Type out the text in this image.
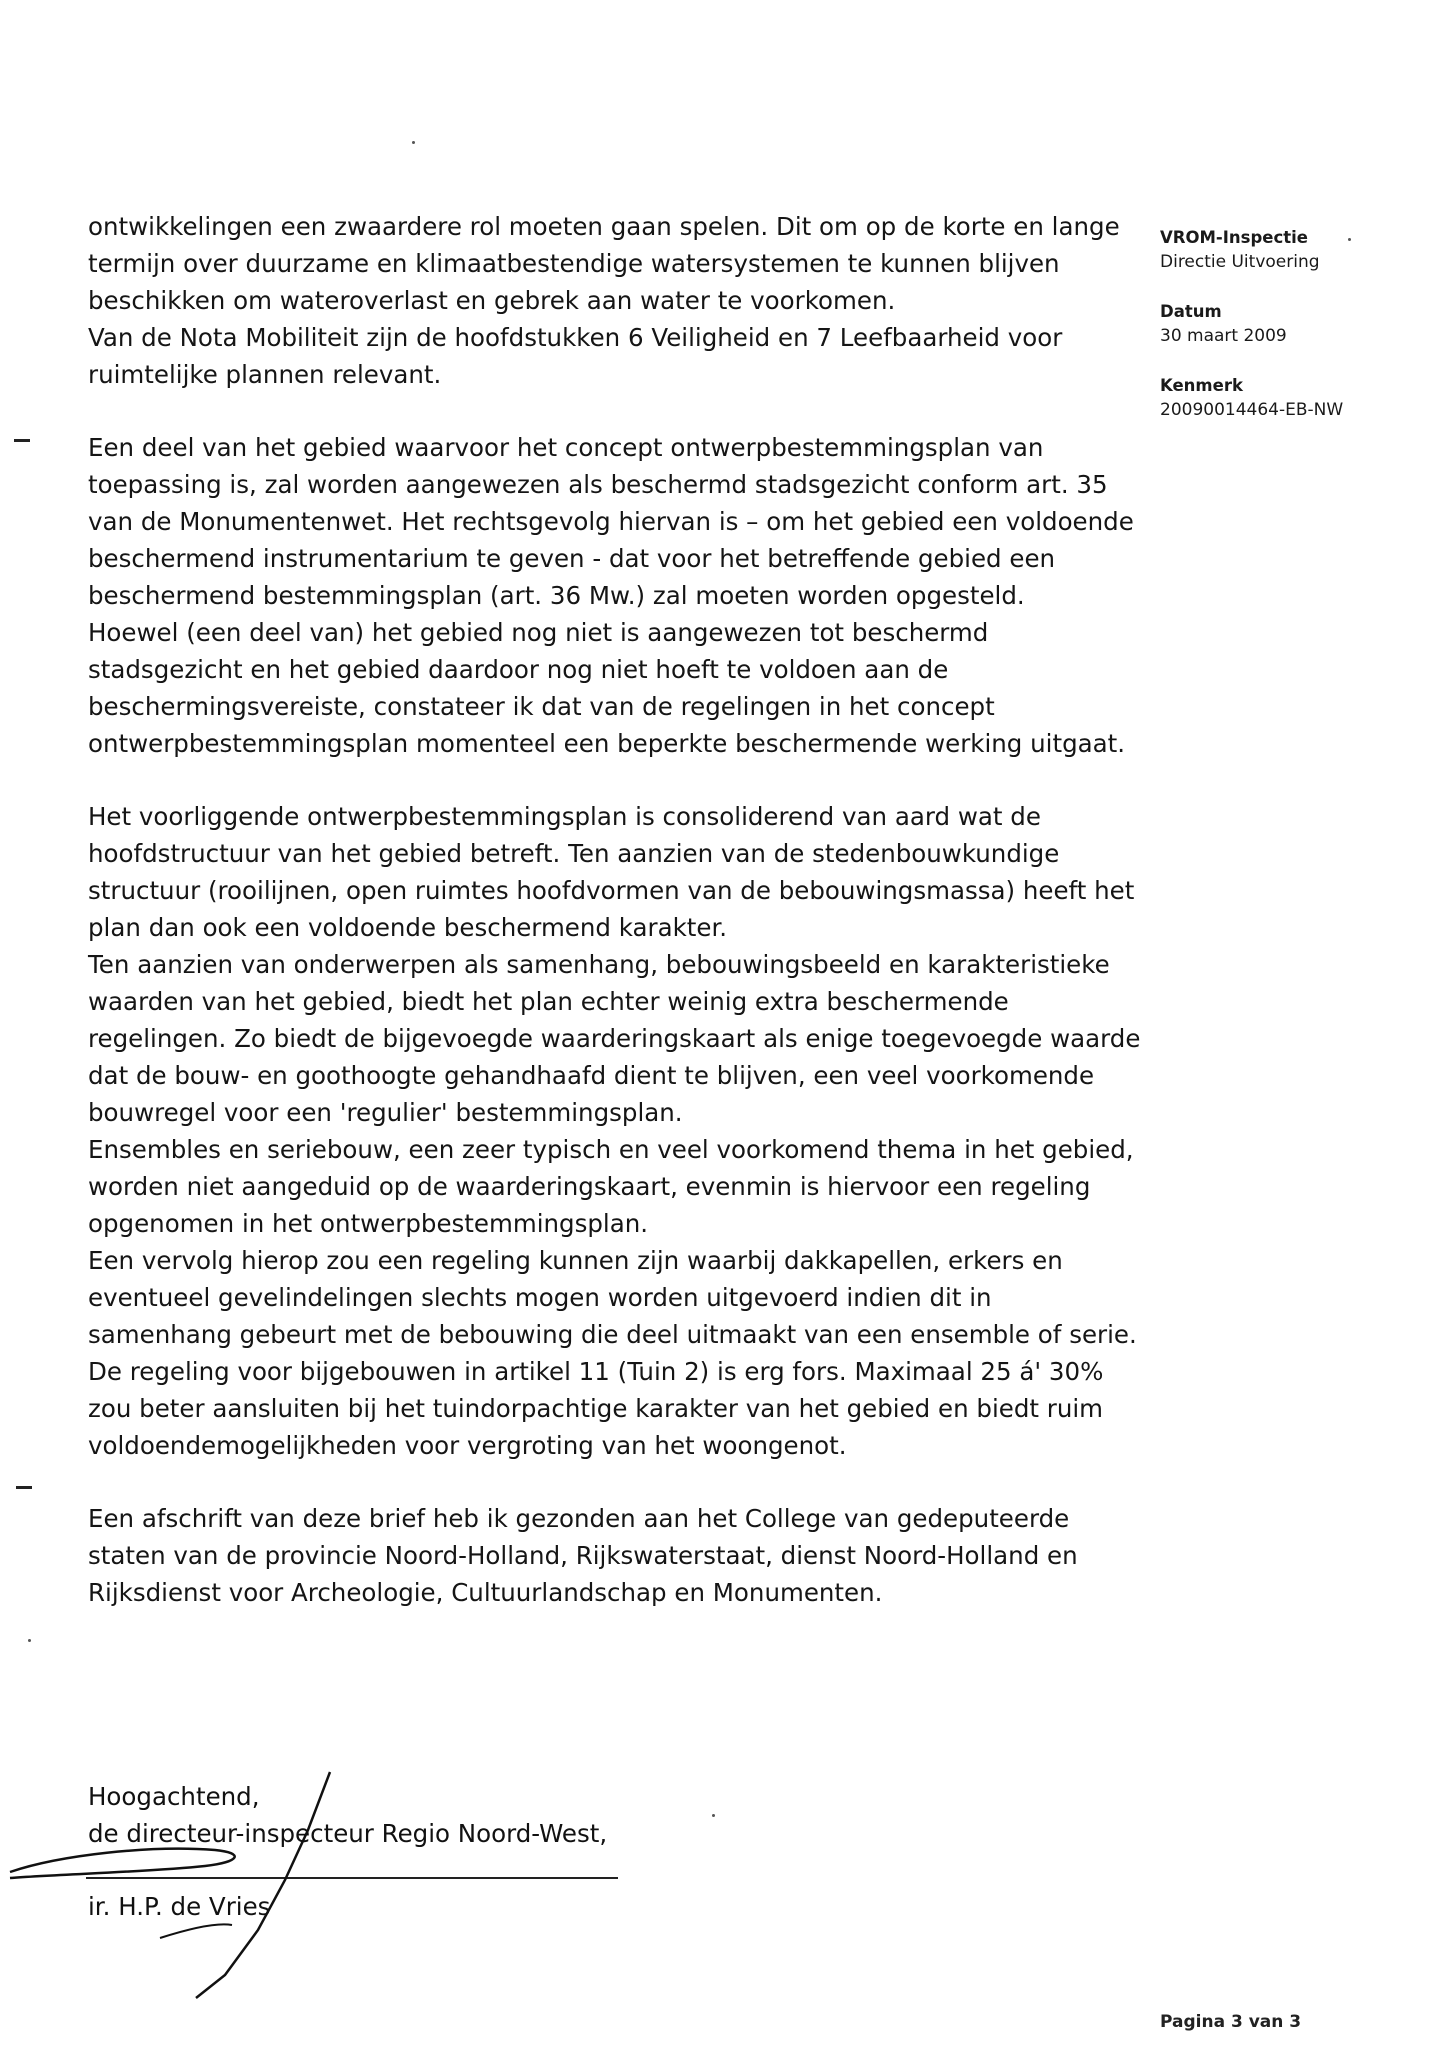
VROM-Inspectie
Directie Uitvoering
Datum
30 maart 2009
Kenmerk
20090014464-EB-NW

ontwikkelingen een zwaardere rol moeten gaan spelen. Dit om op de korte en lange termijn over duurzame en klimaatbestendige watersystemen te kunnen blijven beschikken om wateroverlast en gebrek aan water te voorkomen.

Van de Nota Mobiliteit zijn de hoofdstukken 6 Veiligheid en 7 Leefbaarheid voor ruimtelijke plannen relevant.

Een deel van het gebied waarvoor het concept ontwerpbestemmingsplan van toepassing is, zal worden aangewezen als beschermd stadsgezicht conform art. 35 van de Monumentenwet. Het rechtsgevolg hiervan is – om het gebied een voldoende beschermend instrumentarium te geven - dat voor het betreffende gebied een beschermend bestemmingsplan (art. 36 Mw.) zal moeten worden opgesteld.

Hoewel (een deel van) het gebied nog niet is aangewezen tot beschermd stadsgezicht en het gebied daardoor nog niet hoeft te voldoen aan de beschermingsvereiste, constateer ik dat van de regelingen in het concept ontwerpbestemmingsplan momenteel een beperkte beschermende werking uitgaat.

Het voorliggende ontwerpbestemmingsplan is consoliderend van aard wat de hoofdstructuur van het gebied betreft. Ten aanzien van de stedenbouwkundige structuur (rooilijnen, open ruimtes hoofdvormen van de bebouwingsmassa) heeft het plan dan ook een voldoende beschermend karakter.

Ten aanzien van onderwerpen als samenhang, bebouwingsbeeld en karakteristieke waarden van het gebied, biedt het plan echter weinig extra beschermende regelingen. Zo biedt de bijgevoegde waarderingskaart als enige toegevoegde waarde dat de bouw- en goothoogte gehandhaafd dient te blijven, een veel voorkomende bouwregel voor een 'regulier' bestemmingsplan.

Ensembles en seriebouw, een zeer typisch en veel voorkomend thema in het gebied, worden niet aangeduid op de waarderingskaart, evenmin is hiervoor een regeling opgenomen in het ontwerpbestemmingsplan.

Een vervolg hierop zou een regeling kunnen zijn waarbij dakkapellen, erkers en eventueel gevelindelingen slechts mogen worden uitgevoerd indien dit in samenhang gebeurt met de bebouwing die deel uitmaakt van een ensemble of serie.

De regeling voor bijgebouwen in artikel 11 (Tuin 2) is erg fors. Maximaal 25 á' 30% zou beter aansluiten bij het tuindorpachtige karakter van het gebied en biedt ruim voldoendemogelijkheden voor vergroting van het woongenot.

Een afschrift van deze brief heb ik gezonden aan het College van gedeputeerde staten van de provincie Noord-Holland, Rijkswaterstaat, dienst Noord-Holland en Rijksdienst voor Archeologie, Cultuurlandschap en Monumenten.

Hoogachtend,

de directeur-inspecteur Regio Noord-West,

ir. H.P. de Vries
Pagina 3 van 3
